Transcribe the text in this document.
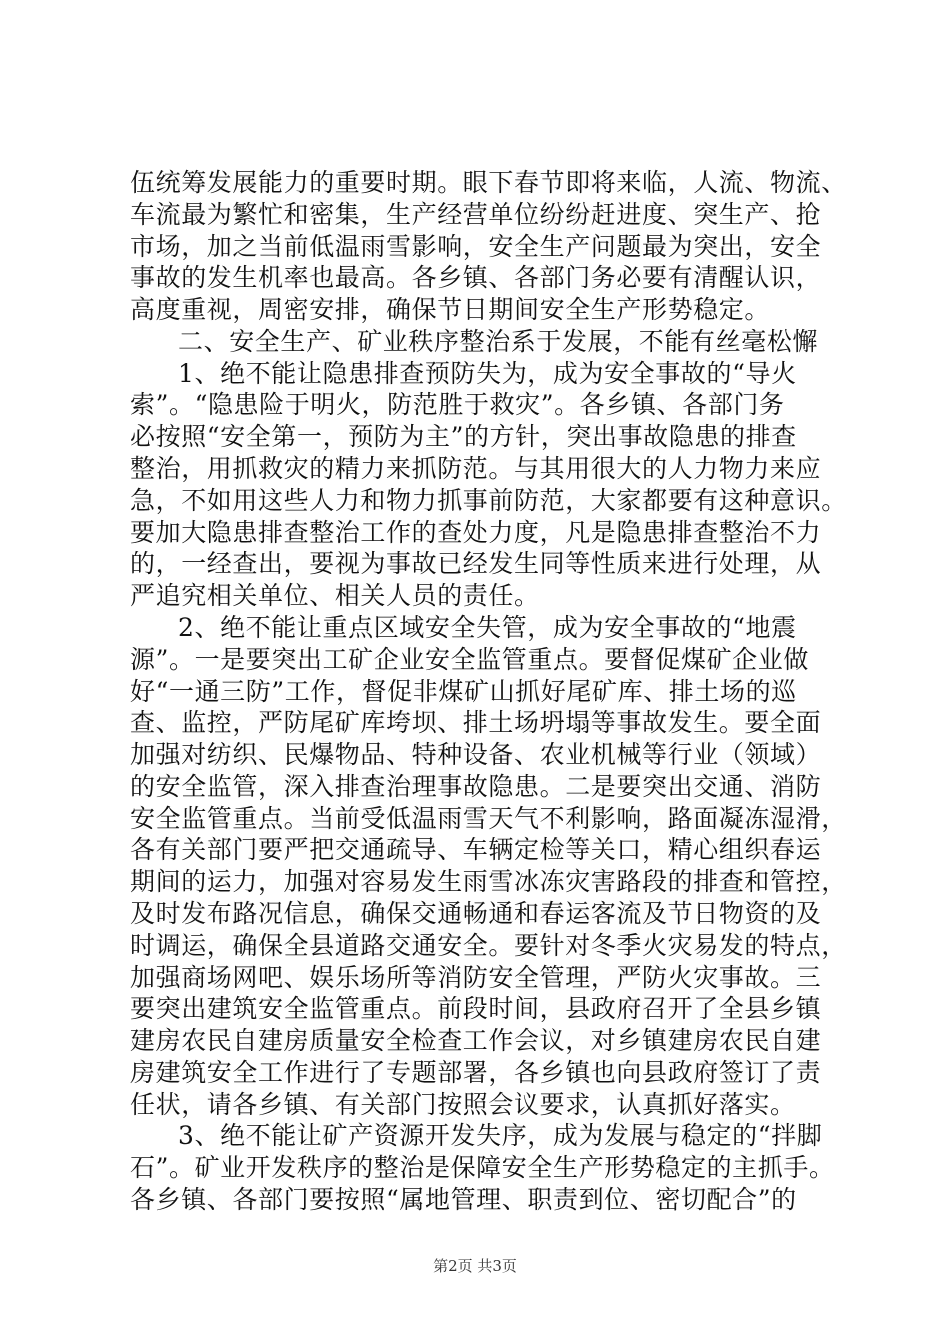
伍统筹发展能力的重要时期。眼下春节即将来临，人流、物流、
车流最为繁忙和密集，生产经营单位纷纷赶进度、突生产、抢
市场，加之当前低温雨雪影响，安全生产问题最为突出，安全
事故的发生机率也最高。各乡镇、各部门务必要有清醒认识，
高度重视，周密安排，确保节日期间安全生产形势稳定。
二、安全生产、矿业秩序整治系于发展，不能有丝毫松懈
1、绝不能让隐患排查预防失为，成为安全事故的“导火
索”。“隐患险于明火，防范胜于救灾”。各乡镇、各部门务
必按照“安全第一，预防为主”的方针，突出事故隐患的排查
整治，用抓救灾的精力来抓防范。与其用很大的人力物力来应
急，不如用这些人力和物力抓事前防范，大家都要有这种意识。
要加大隐患排查整治工作的查处力度，凡是隐患排查整治不力
的，一经查出，要视为事故已经发生同等性质来进行处理，从
严追究相关单位、相关人员的责任。
2、绝不能让重点区域安全失管，成为安全事故的“地震
源”。一是要突出工矿企业安全监管重点。要督促煤矿企业做
好“一通三防”工作，督促非煤矿山抓好尾矿库、排土场的巡
查、监控，严防尾矿库垮坝、排土场坍塌等事故发生。要全面
加强对纺织、民爆物品、特种设备、农业机械等行业（领域）
的安全监管，深入排查治理事故隐患。二是要突出交通、消防
安全监管重点。当前受低温雨雪天气不利影响，路面凝冻湿滑，
各有关部门要严把交通疏导、车辆定检等关口，精心组织春运
期间的运力，加强对容易发生雨雪冰冻灾害路段的排查和管控，
及时发布路况信息，确保交通畅通和春运客流及节日物资的及
时调运，确保全县道路交通安全。要针对冬季火灾易发的特点，
加强商场网吧、娱乐场所等消防安全管理，严防火灾事故。三
要突出建筑安全监管重点。前段时间，县政府召开了全县乡镇
建房农民自建房质量安全检查工作会议，对乡镇建房农民自建
房建筑安全工作进行了专题部署，各乡镇也向县政府签订了责
任状，请各乡镇、有关部门按照会议要求，认真抓好落实。
3、绝不能让矿产资源开发失序，成为发展与稳定的“拌脚
石”。矿业开发秩序的整治是保障安全生产形势稳定的主抓手。
各乡镇、各部门要按照“属地管理、职责到位、密切配合”的
第2页 共3页
